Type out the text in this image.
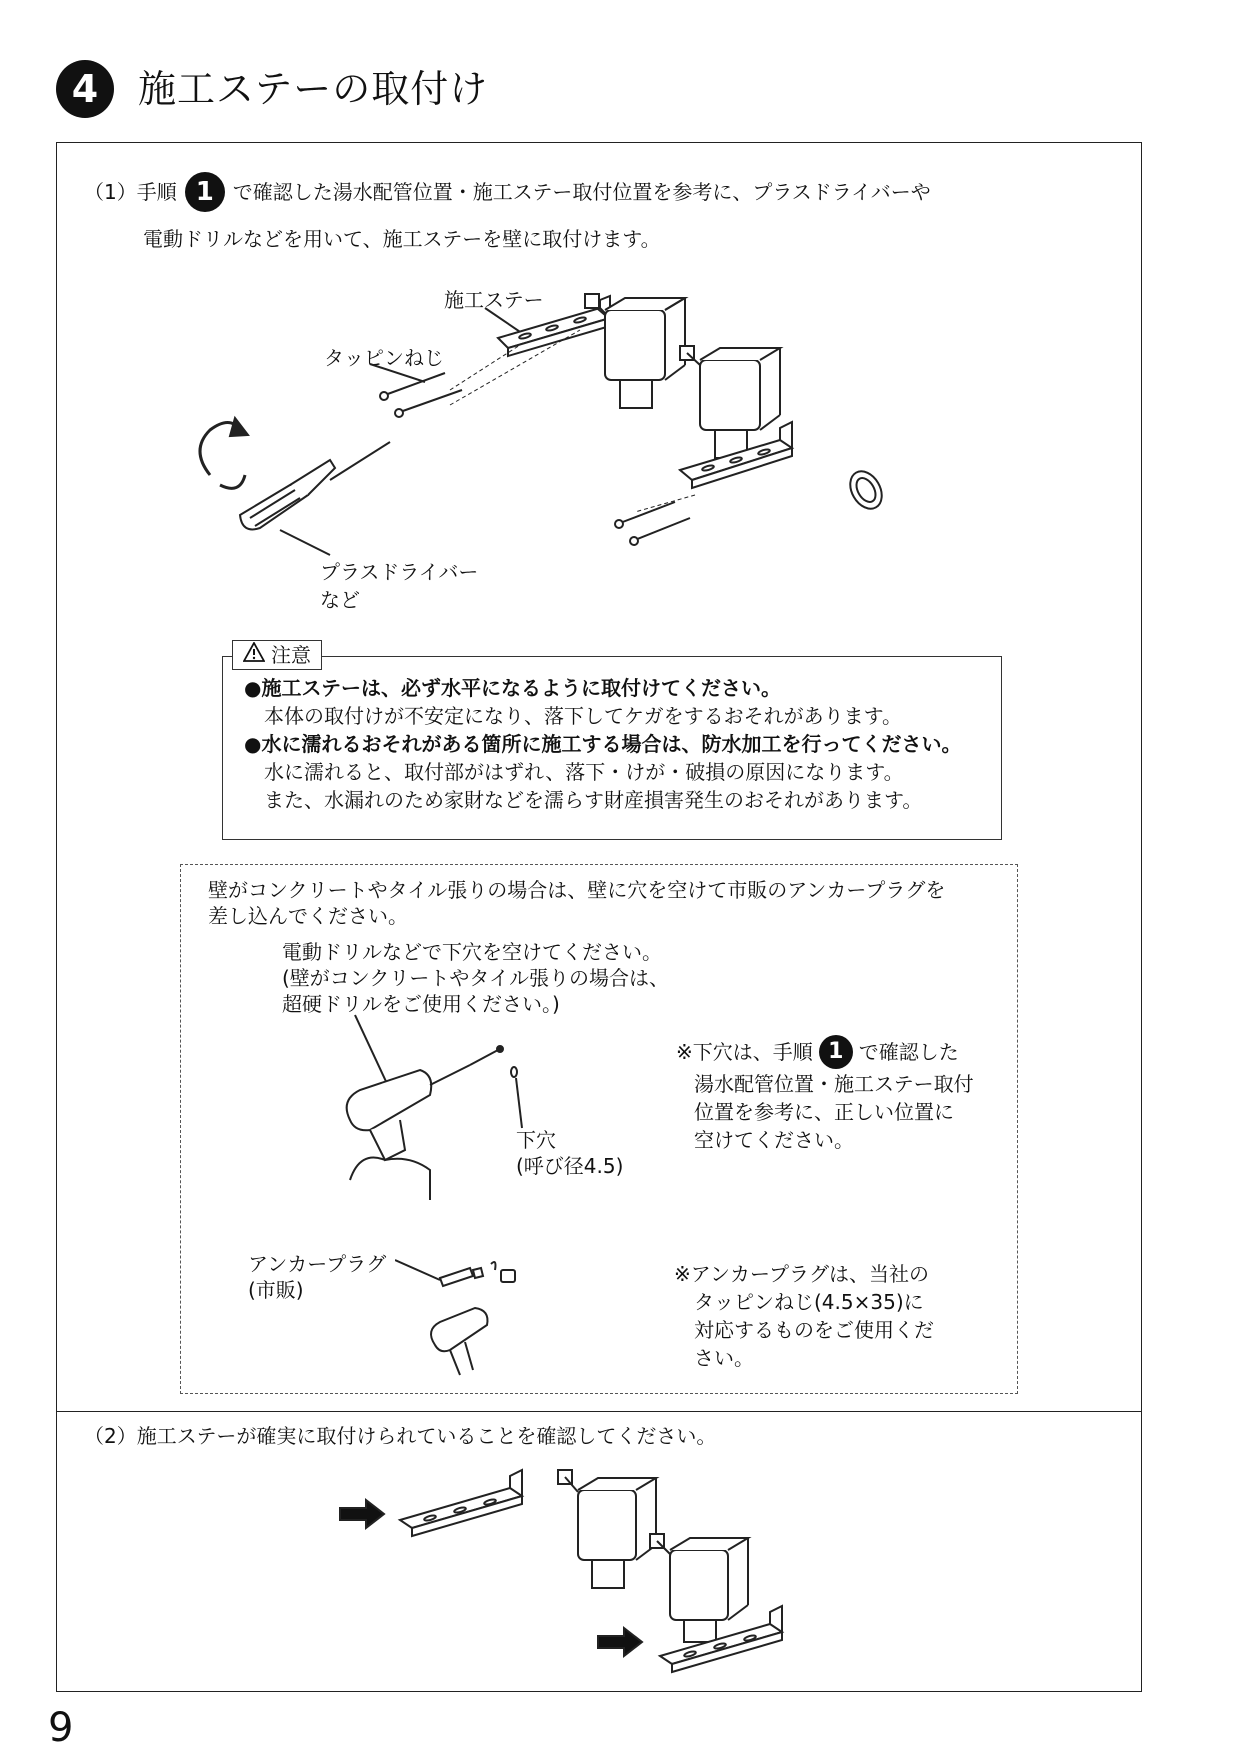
4	施工ステーの取付け
（1）手順 1 で確認した湯水配管位置・施工ステー取付位置を参考に、プラスドライバーや
電動ドリルなどを用いて、施工ステーを壁に取付けます。
施工ステー
タッピンねじ
プラスドライバー
など
注意
●施工ステーは、必ず水平になるように取付けてください。
本体の取付けが不安定になり、落下してケガをするおそれがあります。
●水に濡れるおそれがある箇所に施工する場合は、防水加工を行ってください。
水に濡れると、取付部がはずれ、落下・けが・破損の原因になります。
また、水漏れのため家財などを濡らす財産損害発生のおそれがあります。
壁がコンクリートやタイル張りの場合は、壁に穴を空けて市販のアンカープラグを
差し込んでください。
電動ドリルなどで下穴を空けてください。
(壁がコンクリートやタイル張りの場合は、
超硬ドリルをご使用ください。)
※下穴は、手順 1 で確認した
湯水配管位置・施工ステー取付
位置を参考に、正しい位置に
空けてください。
下穴
(呼び径4.5)
アンカープラグ
(市販)
※アンカープラグは、当社の
タッピンねじ(4.5×35)に
対応するものをご使用くだ
さい。
（2）施工ステーが確実に取付けられていることを確認してください。
9
